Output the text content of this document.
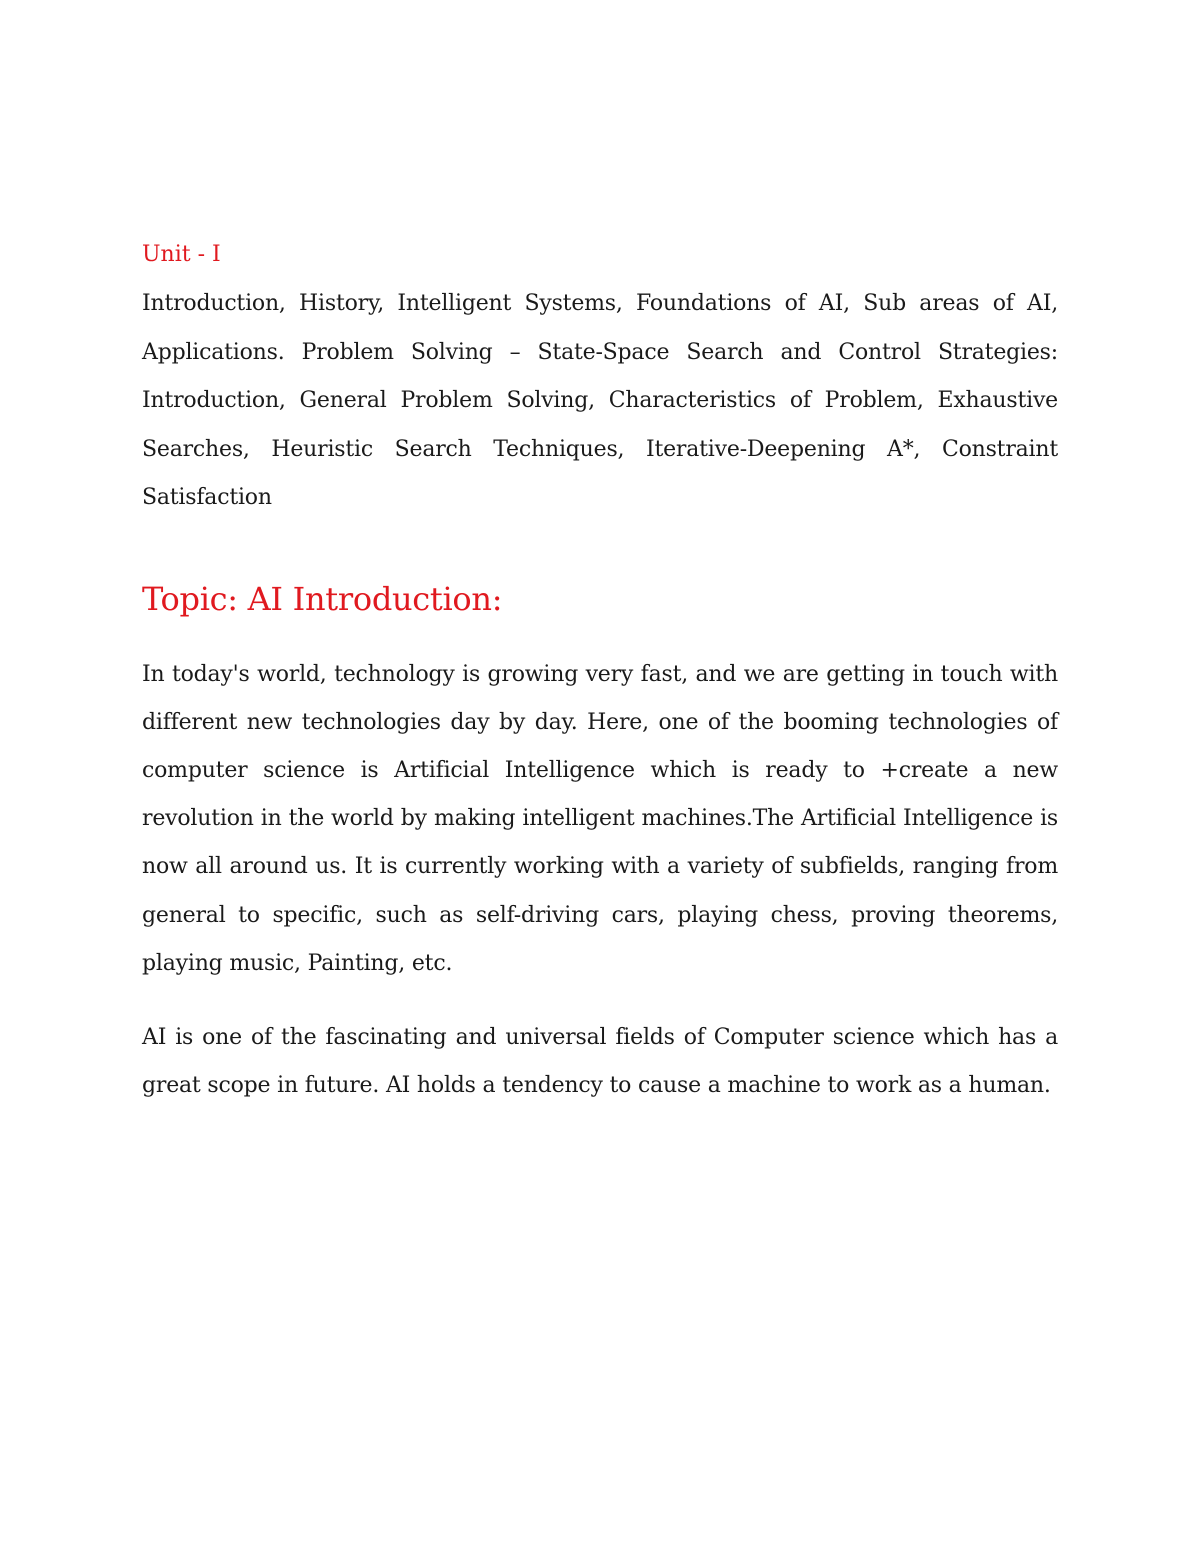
Unit - I

Introduction, History, Intelligent Systems, Foundations of AI, Sub areas of AI, Applications. Problem Solving – State-Space Search and Control Strategies: Introduction, General Problem Solving, Characteristics of Problem, Exhaustive Searches, Heuristic Search Techniques, Iterative-Deepening A*, Constraint Satisfaction

Topic: AI Introduction:

In today's world, technology is growing very fast, and we are getting in touch with different new technologies day by day. Here, one of the booming technologies of computer science is Artificial Intelligence which is ready to +create a new revolution in the world by making intelligent machines.The Artificial Intelligence is now all around us. It is currently working with a variety of subfields, ranging from general to specific, such as self-driving cars, playing chess, proving theorems, playing music, Painting, etc.

AI is one of the fascinating and universal fields of Computer science which has a great scope in future. AI holds a tendency to cause a machine to work as a human.
